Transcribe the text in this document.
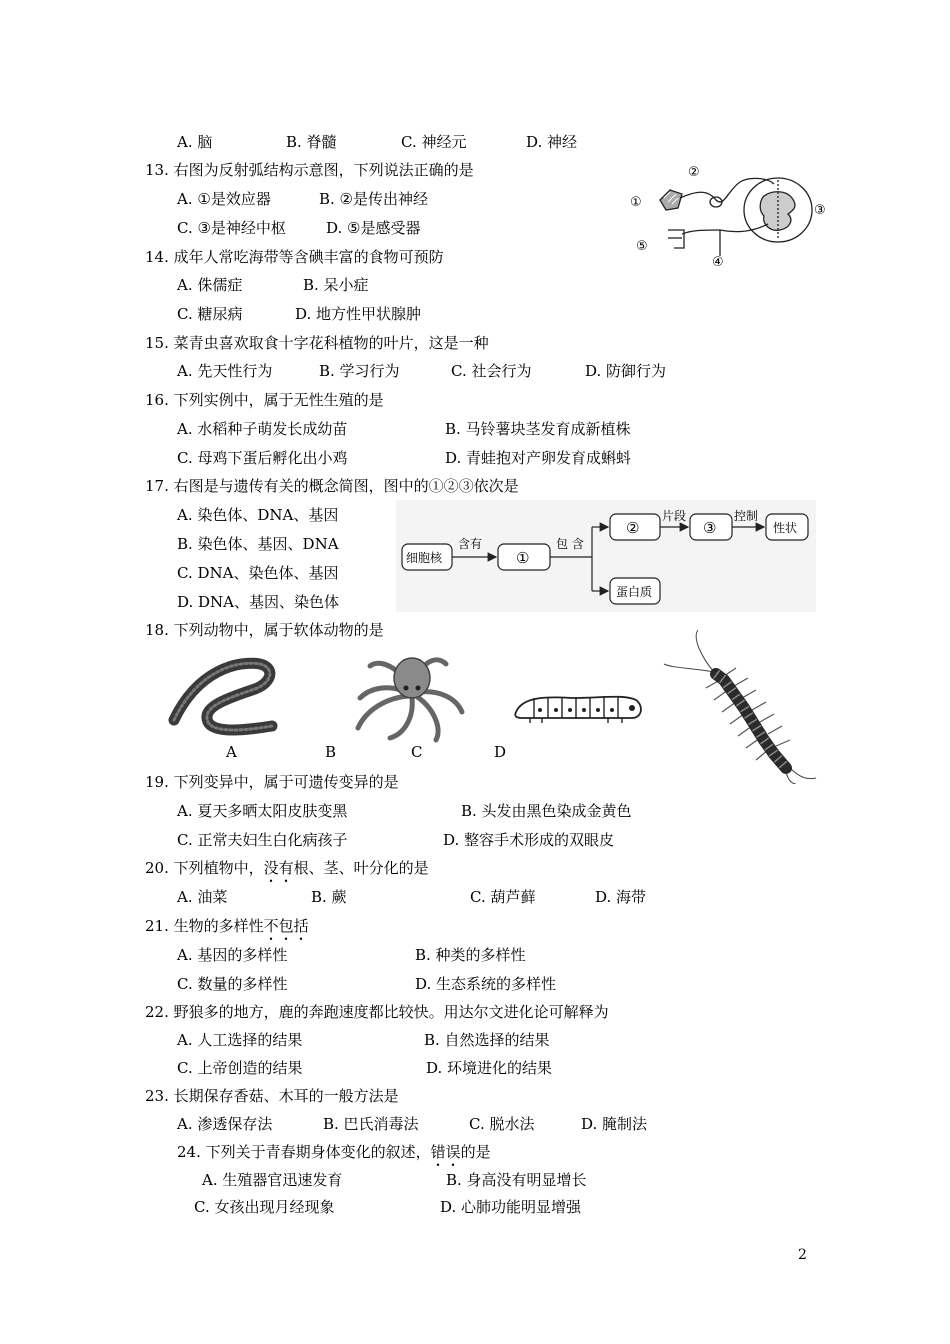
A. 脑	B. 脊髓	C. 神经元	D. 神经
13. 右图为反射弧结构示意图，下列说法正确的是
A. ①是效应器	B. ②是传出神经
C. ③是神经中枢	D. ⑤是感受器
①
②
③
④
⑤
14. 成年人常吃海带等含碘丰富的食物可预防
A. 侏儒症	B. 呆小症
C. 糖尿病	D. 地方性甲状腺肿
15. 菜青虫喜欢取食十字花科植物的叶片，这是一种
A. 先天性行为	B. 学习行为	C. 社会行为	D. 防御行为
16. 下列实例中，属于无性生殖的是
A. 水稻种子萌发长成幼苗	B. 马铃薯块茎发育成新植株
C. 母鸡下蛋后孵化出小鸡	D. 青蛙抱对产卵发育成蝌蚪
17. 右图是与遗传有关的概念简图，图中的①②③依次是
A. 染色体、DNA、基因
B. 染色体、基因、DNA
C. DNA、染色体、基因
D. DNA、基因、染色体
细胞核
含有
①
包 含
②
片段
③
控制
性状
蛋白质
18. 下列动物中，属于软体动物的是
A	B	C	D
19. 下列变异中，属于可遗传变异的是
A. 夏天多晒太阳皮肤变黑	B. 头发由黑色染成金黄色
C. 正常夫妇生白化病孩子	D. 整容手术形成的双眼皮
20. 下列植物中，没有根、茎、叶分化的是
A. 油菜	B. 蕨	C. 葫芦藓	D. 海带
21. 生物的多样性不包括
A. 基因的多样性	B. 种类的多样性
C. 数量的多样性	D. 生态系统的多样性
22. 野狼多的地方，鹿的奔跑速度都比较快。用达尔文进化论可解释为
A. 人工选择的结果	B. 自然选择的结果
C. 上帝创造的结果	D. 环境进化的结果
23. 长期保存香菇、木耳的一般方法是
A. 渗透保存法	B. 巴氏消毒法	C. 脱水法	D. 腌制法
24. 下列关于青春期身体变化的叙述，错误的是
A. 生殖器官迅速发育	B. 身高没有明显增长
C. 女孩出现月经现象	D. 心肺功能明显增强
2
